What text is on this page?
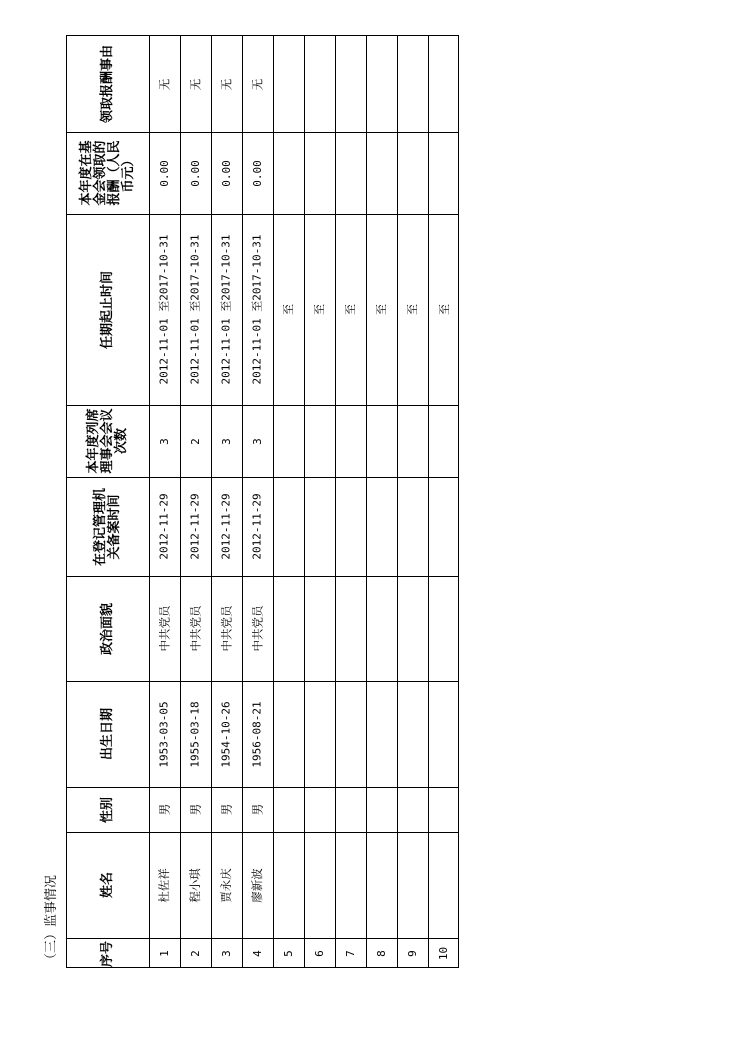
（三）监事情况
领取报酬事由
本年度在基金会领取的报酬（人民币元）
任期起止时间
本年度列席理事会会议次数
在登记管理机关备案时间
政治面貌
出生日期
性别
姓名
序号
无
0.00
2012-11-01 至2017-10-31
3
2012-11-29
中共党员
1953-03-05
男
杜佐祥
1
无
0.00
2012-11-01 至2017-10-31
2
2012-11-29
中共党员
1955-03-18
男
程小琪
2
无
0.00
2012-11-01 至2017-10-31
3
2012-11-29
中共党员
1954-10-26
男
贾永庆
3
无
0.00
2012-11-01 至2017-10-31
3
2012-11-29
中共党员
1956-08-21
男
廖新波
4
至
5
至
6
至
7
至
8
至
9
至
10
